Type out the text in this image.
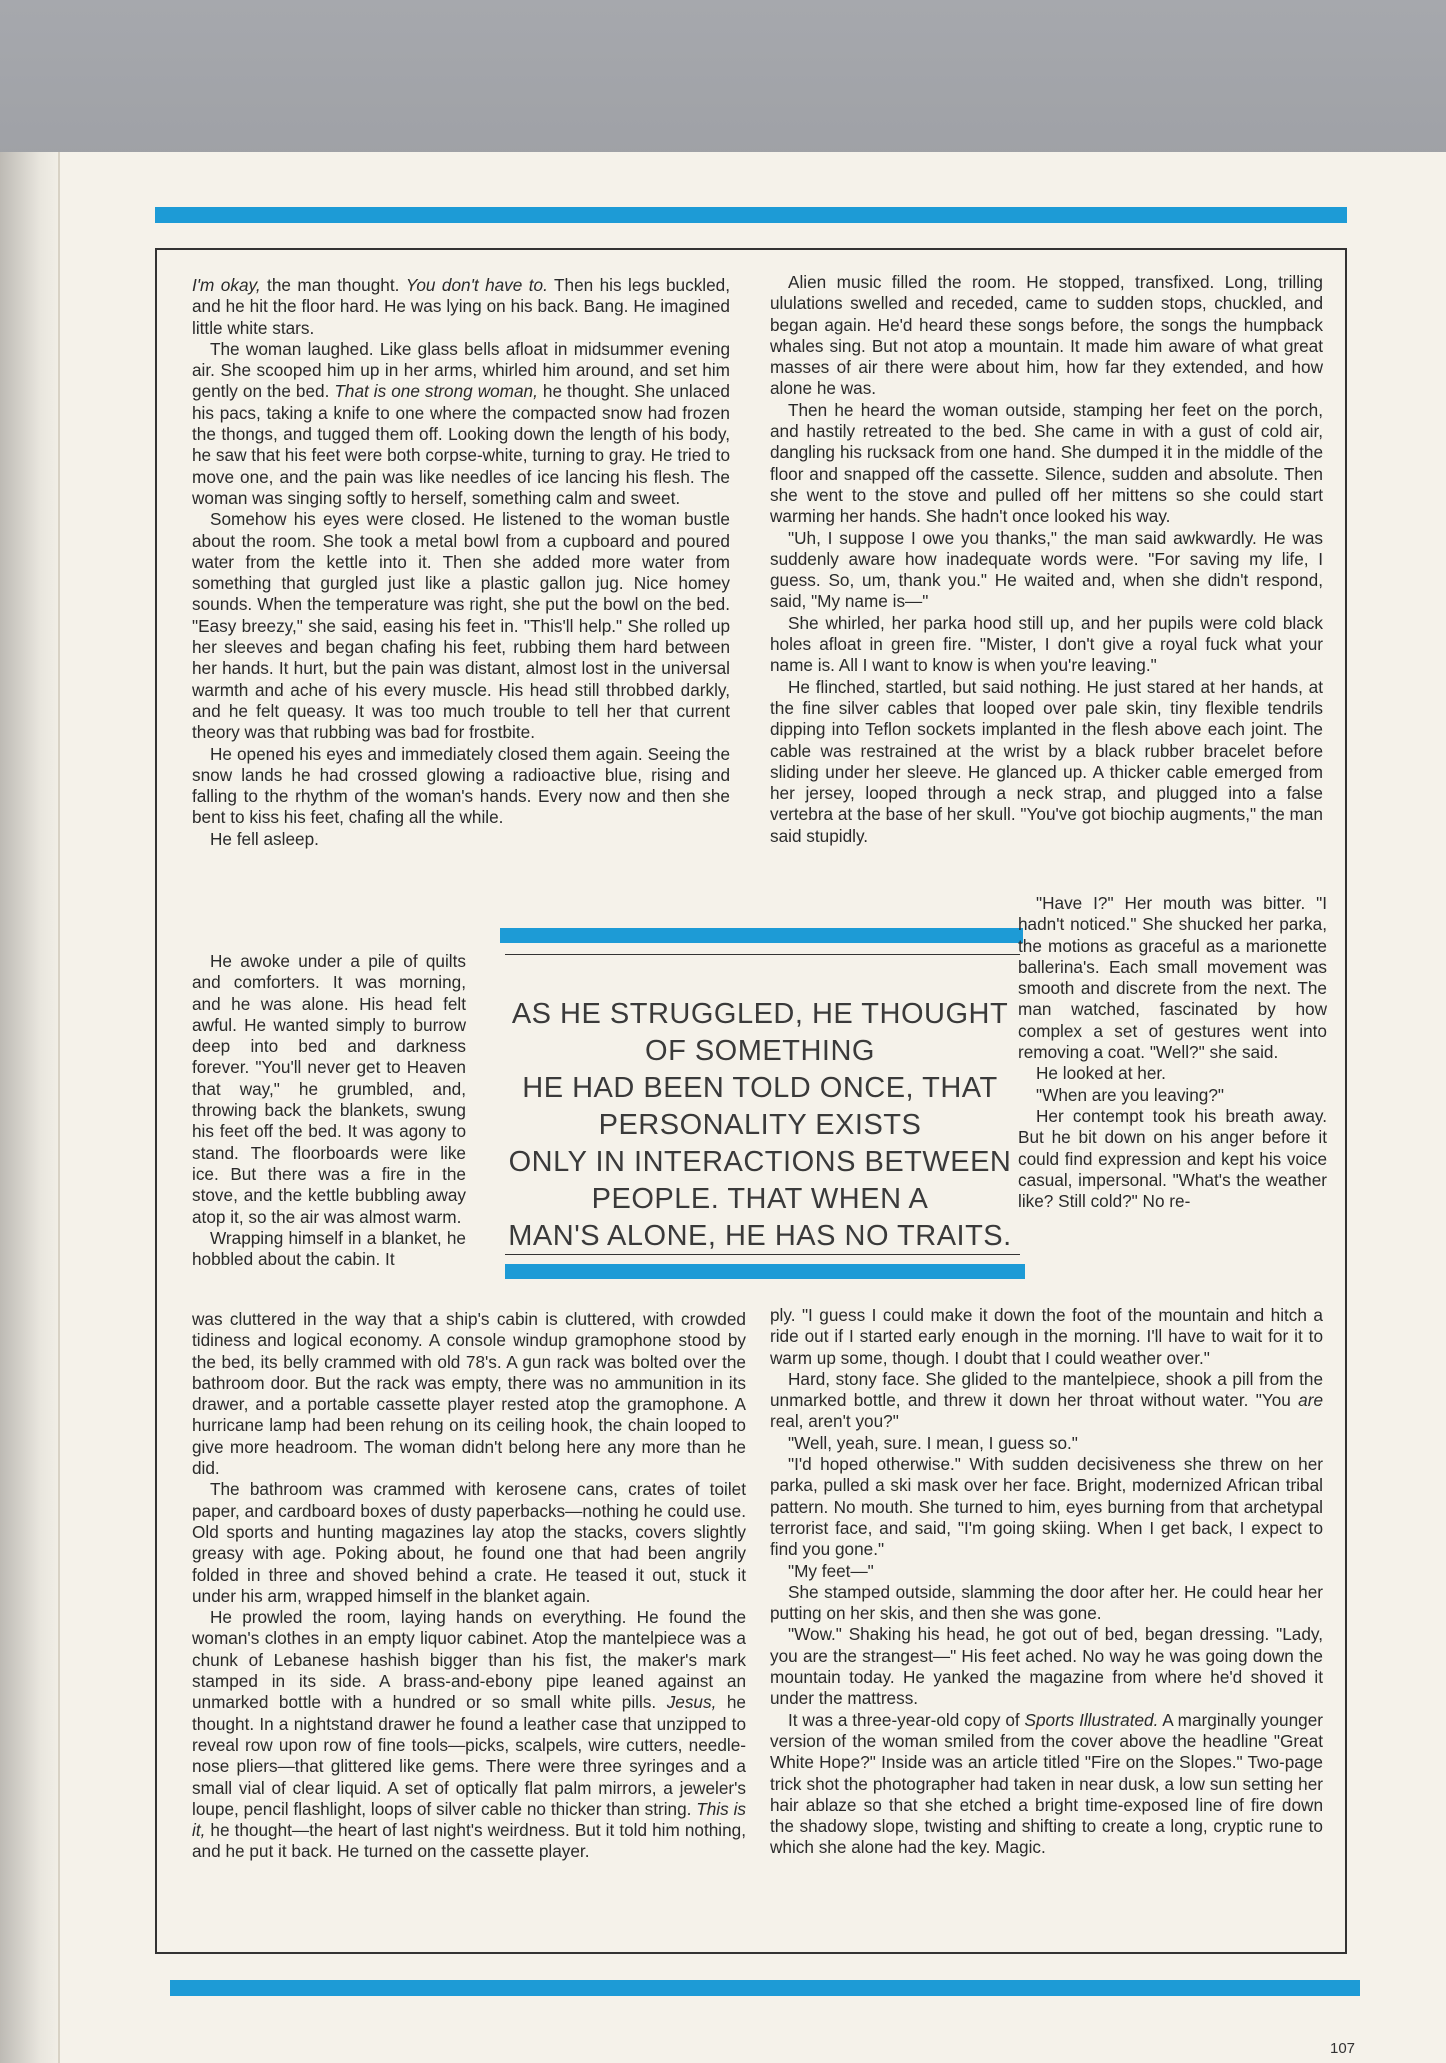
I'm okay, the man thought. You don't have to. Then his legs buckled, and he hit the floor hard. He was lying on his back. Bang. He imagined little white stars.

The woman laughed. Like glass bells afloat in midsummer evening air. She scooped him up in her arms, whirled him around, and set him gently on the bed. That is one strong woman, he thought. She unlaced his pacs, taking a knife to one where the compacted snow had frozen the thongs, and tugged them off. Looking down the length of his body, he saw that his feet were both corpse-white, turning to gray. He tried to move one, and the pain was like needles of ice lancing his flesh. The woman was singing softly to herself, something calm and sweet.

Somehow his eyes were closed. He listened to the woman bustle about the room. She took a metal bowl from a cupboard and poured water from the kettle into it. Then she added more water from something that gurgled just like a plastic gallon jug. Nice homey sounds. When the temperature was right, she put the bowl on the bed. "Easy breezy," she said, easing his feet in. "This'll help." She rolled up her sleeves and began chafing his feet, rubbing them hard between her hands. It hurt, but the pain was distant, almost lost in the universal warmth and ache of his every muscle. His head still throbbed darkly, and he felt queasy. It was too much trouble to tell her that current theory was that rubbing was bad for frostbite.

He opened his eyes and immediately closed them again. Seeing the snow lands he had crossed glowing a radioactive blue, rising and falling to the rhythm of the woman's hands. Every now and then she bent to kiss his feet, chafing all the while.

He fell asleep.

Alien music filled the room. He stopped, transfixed. Long, trilling ululations swelled and receded, came to sudden stops, chuckled, and began again. He'd heard these songs before, the songs the humpback whales sing. But not atop a mountain. It made him aware of what great masses of air there were about him, how far they extended, and how alone he was.

Then he heard the woman outside, stamping her feet on the porch, and hastily retreated to the bed. She came in with a gust of cold air, dangling his rucksack from one hand. She dumped it in the middle of the floor and snapped off the cassette. Silence, sudden and absolute. Then she went to the stove and pulled off her mittens so she could start warming her hands. She hadn't once looked his way.

"Uh, I suppose I owe you thanks," the man said awkwardly. He was suddenly aware how inadequate words were. "For saving my life, I guess. So, um, thank you." He waited and, when she didn't respond, said, "My name is—"

She whirled, her parka hood still up, and her pupils were cold black holes afloat in green fire. "Mister, I don't give a royal fuck what your name is. All I want to know is when you're leaving."

He flinched, startled, but said nothing. He just stared at her hands, at the fine silver cables that looped over pale skin, tiny flexible tendrils dipping into Teflon sockets implanted in the flesh above each joint. The cable was restrained at the wrist by a black rubber bracelet before sliding under her sleeve. He glanced up. A thicker cable emerged from her jersey, looped through a neck strap, and plugged into a false vertebra at the base of her skull. "You've got biochip augments," the man said stupidly.

AS HE STRUGGLED, HE THOUGHT
OF SOMETHING
HE HAD BEEN TOLD ONCE, THAT
PERSONALITY EXISTS
ONLY IN INTERACTIONS BETWEEN
PEOPLE. THAT WHEN A
MAN'S ALONE, HE HAS NO TRAITS.

He awoke under a pile of quilts and comforters. It was morning, and he was alone. His head felt awful. He wanted simply to burrow deep into bed and darkness forever. "You'll never get to Heaven that way," he grumbled, and, throwing back the blankets, swung his feet off the bed. It was agony to stand. The floorboards were like ice. But there was a fire in the stove, and the kettle bubbling away atop it, so the air was almost warm.

Wrapping himself in a blanket, he hobbled about the cabin. It

"Have I?" Her mouth was bitter. "I hadn't noticed." She shucked her parka, the motions as graceful as a marionette ballerina's. Each small movement was smooth and discrete from the next. The man watched, fascinated by how complex a set of gestures went into removing a coat. "Well?" she said.

He looked at her.

"When are you leaving?"

Her contempt took his breath away. But he bit down on his anger before it could find expression and kept his voice casual, impersonal. "What's the weather like? Still cold?" No re-

was cluttered in the way that a ship's cabin is cluttered, with crowded tidiness and logical economy. A console windup gramophone stood by the bed, its belly crammed with old 78's. A gun rack was bolted over the bathroom door. But the rack was empty, there was no ammunition in its drawer, and a portable cassette player rested atop the gramophone. A hurricane lamp had been rehung on its ceiling hook, the chain looped to give more headroom. The woman didn't belong here any more than he did.

The bathroom was crammed with kerosene cans, crates of toilet paper, and cardboard boxes of dusty paperbacks—nothing he could use. Old sports and hunting magazines lay atop the stacks, covers slightly greasy with age. Poking about, he found one that had been angrily folded in three and shoved behind a crate. He teased it out, stuck it under his arm, wrapped himself in the blanket again.

He prowled the room, laying hands on everything. He found the woman's clothes in an empty liquor cabinet. Atop the mantelpiece was a chunk of Lebanese hashish bigger than his fist, the maker's mark stamped in its side. A brass-and-ebony pipe leaned against an unmarked bottle with a hundred or so small white pills. Jesus, he thought. In a nightstand drawer he found a leather case that unzipped to reveal row upon row of fine tools—picks, scalpels, wire cutters, needle-nose pliers—that glittered like gems. There were three syringes and a small vial of clear liquid. A set of optically flat palm mirrors, a jeweler's loupe, pencil flashlight, loops of silver cable no thicker than string. This is it, he thought—the heart of last night's weirdness. But it told him nothing, and he put it back. He turned on the cassette player.

ply. "I guess I could make it down the foot of the mountain and hitch a ride out if I started early enough in the morning. I'll have to wait for it to warm up some, though. I doubt that I could weather over."

Hard, stony face. She glided to the mantelpiece, shook a pill from the unmarked bottle, and threw it down her throat without water. "You are real, aren't you?"

"Well, yeah, sure. I mean, I guess so."

"I'd hoped otherwise." With sudden decisiveness she threw on her parka, pulled a ski mask over her face. Bright, modernized African tribal pattern. No mouth. She turned to him, eyes burning from that archetypal terrorist face, and said, "I'm going skiing. When I get back, I expect to find you gone."

"My feet—"

She stamped outside, slamming the door after her. He could hear her putting on her skis, and then she was gone.

"Wow." Shaking his head, he got out of bed, began dressing. "Lady, you are the strangest—" His feet ached. No way he was going down the mountain today. He yanked the magazine from where he'd shoved it under the mattress.

It was a three-year-old copy of Sports Illustrated. A marginally younger version of the woman smiled from the cover above the headline "Great White Hope?" Inside was an article titled "Fire on the Slopes." Two-page trick shot the photographer had taken in near dusk, a low sun setting her hair ablaze so that she etched a bright time-exposed line of fire down the shadowy slope, twisting and shifting to create a long, cryptic rune to which she alone had the key. Magic.

107
